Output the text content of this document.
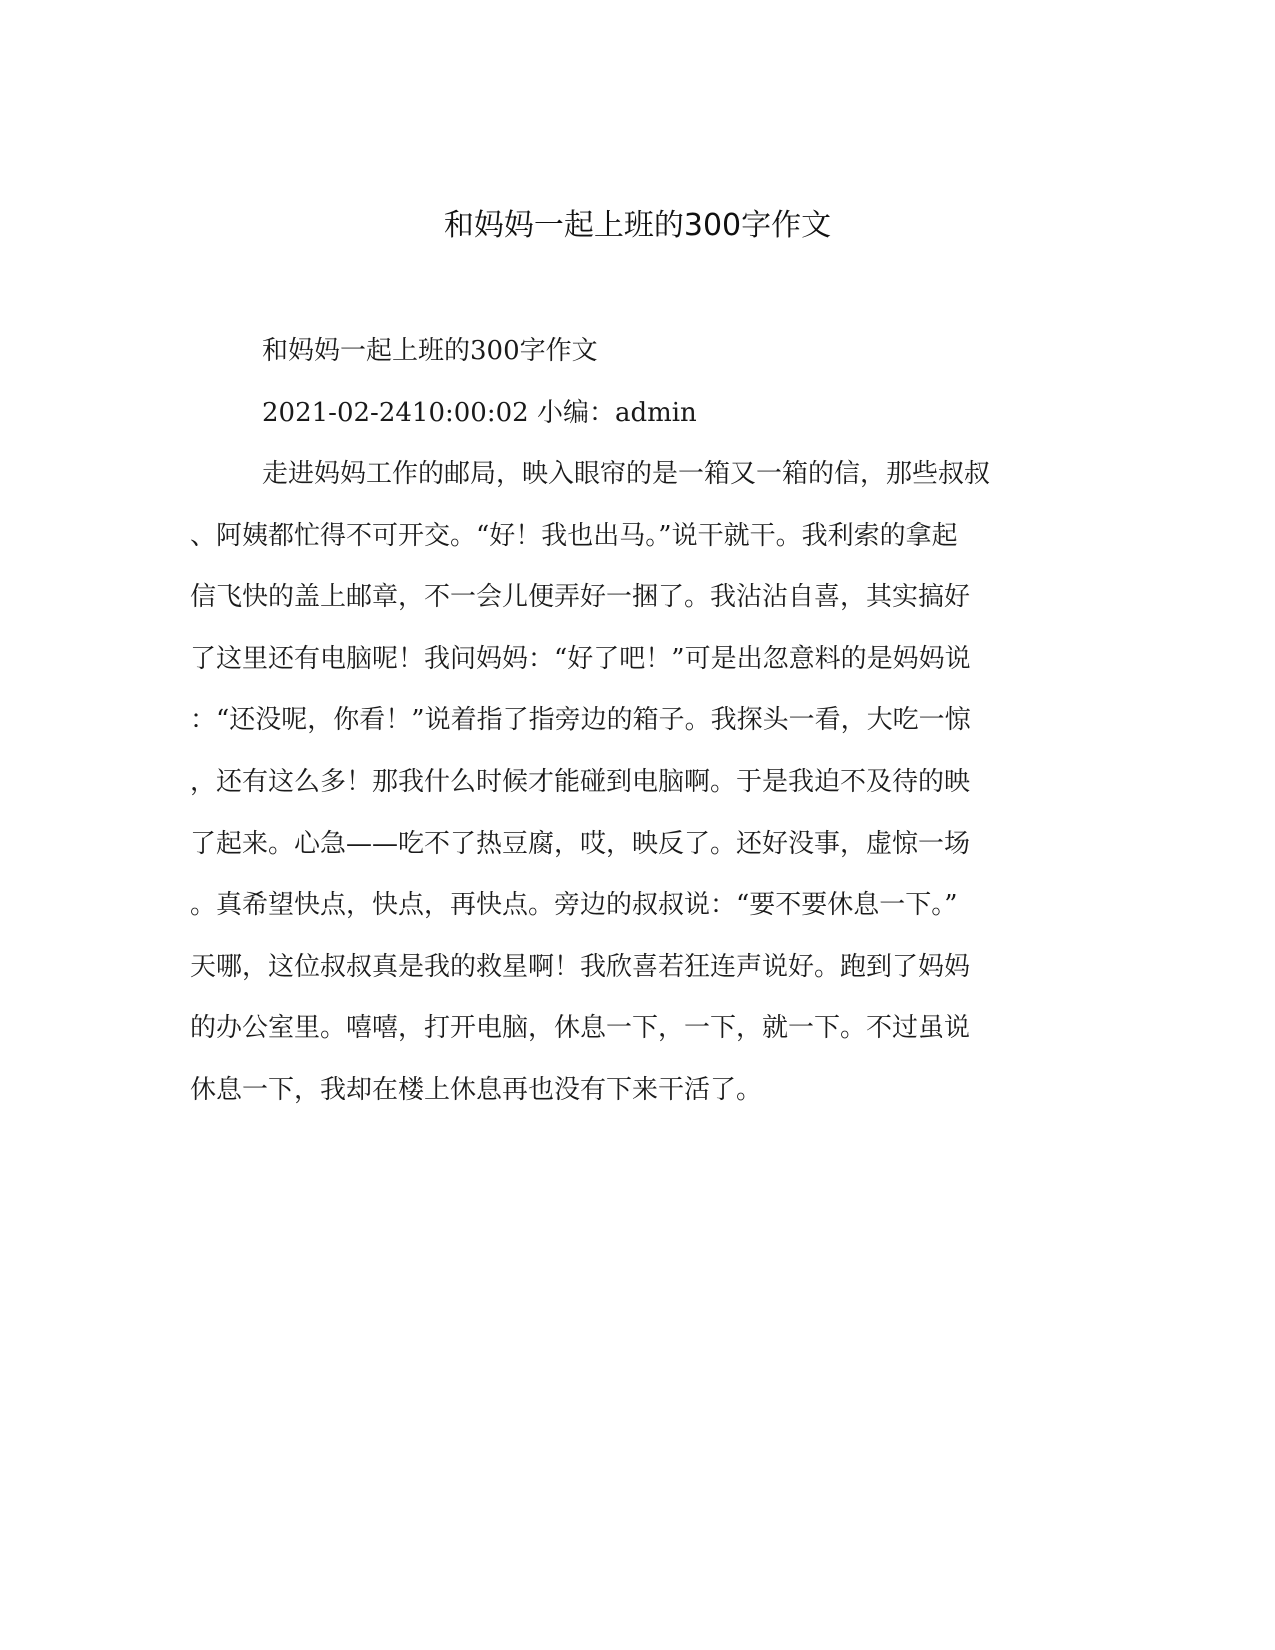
和妈妈一起上班的300字作文

和妈妈一起上班的300字作文

2021-02-2410:00:02 小编：admin

走进妈妈工作的邮局，映入眼帘的是一箱又一箱的信，那些叔叔
、阿姨都忙得不可开交。“好！我也出马。”说干就干。我利索的拿起
信飞快的盖上邮章，不一会儿便弄好一捆了。我沾沾自喜，其实搞好
了这里还有电脑呢！我问妈妈：“好了吧！”可是出忽意料的是妈妈说
：“还没呢，你看！”说着指了指旁边的箱子。我探头一看，大吃一惊
，还有这么多！那我什么时候才能碰到电脑啊。于是我迫不及待的映
了起来。心急——吃不了热豆腐，哎，映反了。还好没事，虚惊一场
。真希望快点，快点，再快点。旁边的叔叔说：“要不要休息一下。”
天哪，这位叔叔真是我的救星啊！我欣喜若狂连声说好。跑到了妈妈
的办公室里。嘻嘻，打开电脑，休息一下，一下，就一下。不过虽说
休息一下，我却在楼上休息再也没有下来干活了。
